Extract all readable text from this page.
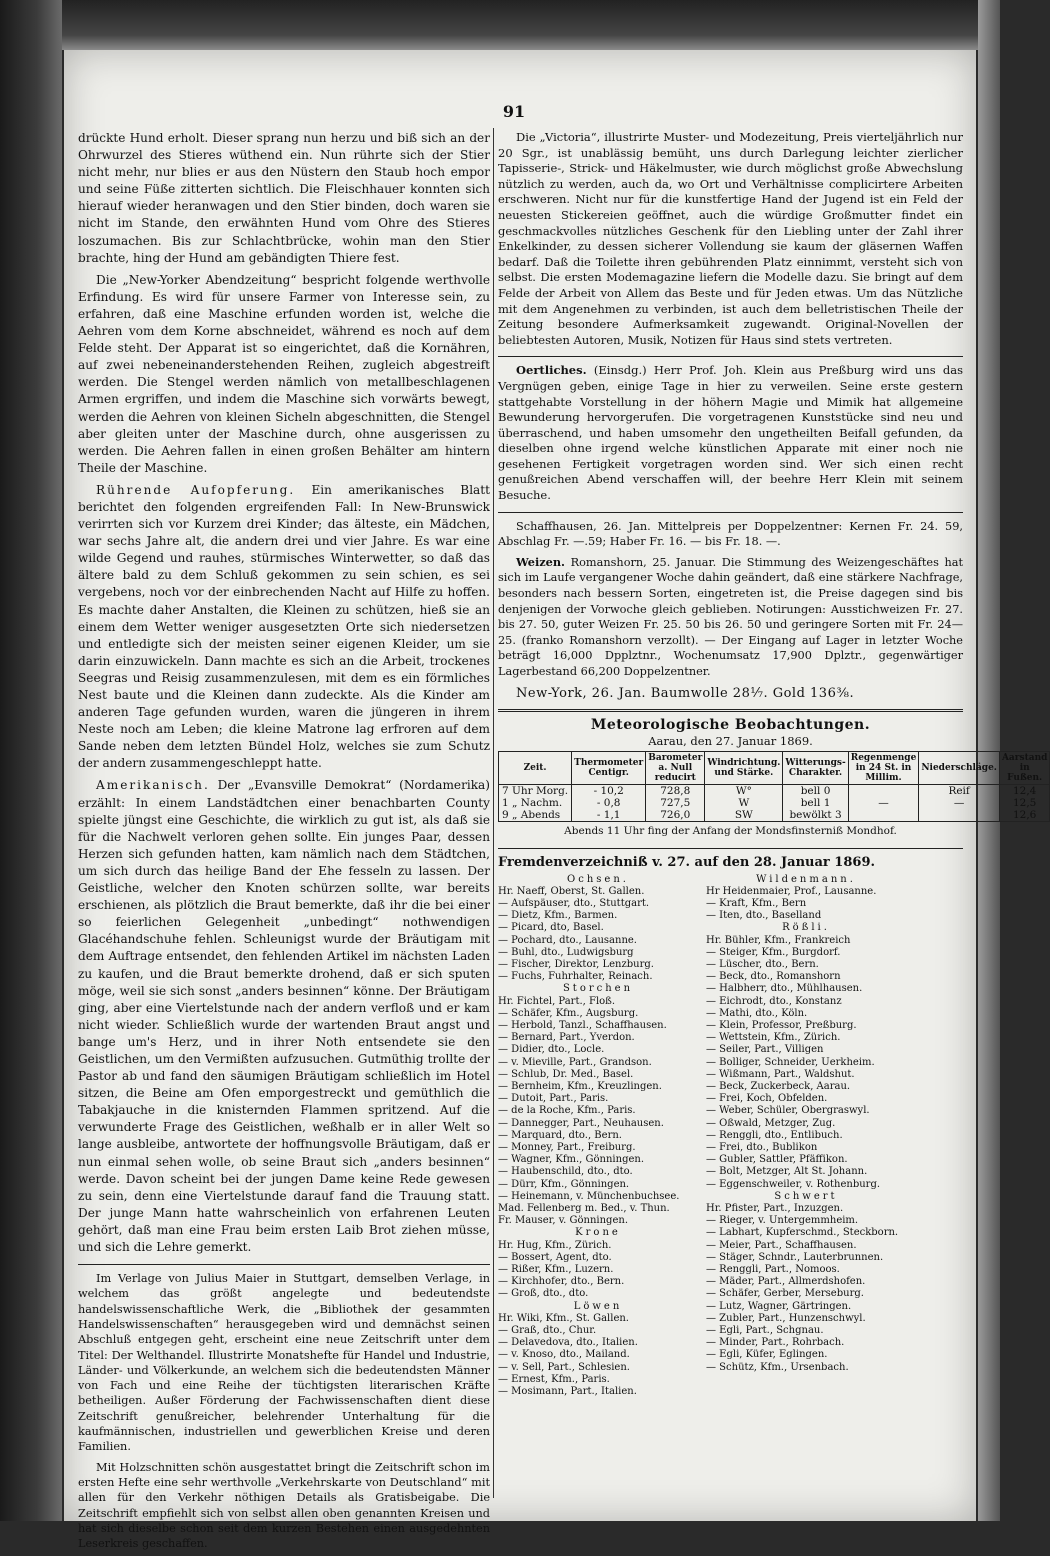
91

drückte Hund erholt. Dieser sprang nun herzu und biß sich an der Ohrwurzel des Stieres wüthend ein. Nun rührte sich der Stier nicht mehr, nur blies er aus den Nüstern den Staub hoch empor und seine Füße zitterten sichtlich. Die Fleischhauer konnten sich hierauf wieder heranwagen und den Stier binden, doch waren sie nicht im Stande, den erwähnten Hund vom Ohre des Stieres loszumachen. Bis zur Schlachtbrücke, wohin man den Stier brachte, hing der Hund am gebändigten Thiere fest.

Die „New-Yorker Abendzeitung“ bespricht folgende werthvolle Erfindung. Es wird für unsere Farmer von Interesse sein, zu erfahren, daß eine Maschine erfunden worden ist, welche die Aehren vom dem Korne abschneidet, während es noch auf dem Felde steht. Der Apparat ist so eingerichtet, daß die Kornähren, auf zwei nebeneinanderstehenden Reihen, zugleich abgestreift werden. Die Stengel werden nämlich von metallbeschlagenen Armen ergriffen, und indem die Maschine sich vorwärts bewegt, werden die Aehren von kleinen Sicheln abgeschnitten, die Stengel aber gleiten unter der Maschine durch, ohne ausgerissen zu werden. Die Aehren fallen in einen großen Behälter am hintern Theile der Maschine.

Rührende Aufopferung. Ein amerikanisches Blatt berichtet den folgenden ergreifenden Fall: In New-Brunswick verirrten sich vor Kurzem drei Kinder; das älteste, ein Mädchen, war sechs Jahre alt, die andern drei und vier Jahre. Es war eine wilde Gegend und rauhes, stürmisches Winterwetter, so daß das ältere bald zu dem Schluß gekommen zu sein schien, es sei vergebens, noch vor der einbrechenden Nacht auf Hilfe zu hoffen. Es machte daher Anstalten, die Kleinen zu schützen, hieß sie an einem dem Wetter weniger ausgesetzten Orte sich niedersetzen und entledigte sich der meisten seiner eigenen Kleider, um sie darin einzuwickeln. Dann machte es sich an die Arbeit, trockenes Seegras und Reisig zusammenzulesen, mit dem es ein förmliches Nest baute und die Kleinen dann zudeckte. Als die Kinder am anderen Tage gefunden wurden, waren die jüngeren in ihrem Neste noch am Leben; die kleine Matrone lag erfroren auf dem Sande neben dem letzten Bündel Holz, welches sie zum Schutz der andern zusammengeschleppt hatte.

Amerikanisch. Der „Evansville Demokrat“ (Nordamerika) erzählt: In einem Landstädtchen einer benachbarten County spielte jüngst eine Geschichte, die wirklich zu gut ist, als daß sie für die Nachwelt verloren gehen sollte. Ein junges Paar, dessen Herzen sich gefunden hatten, kam nämlich nach dem Städtchen, um sich durch das heilige Band der Ehe fesseln zu lassen. Der Geistliche, welcher den Knoten schürzen sollte, war bereits erschienen, als plötzlich die Braut bemerkte, daß ihr die bei einer so feierlichen Gelegenheit „unbedingt“ nothwendigen Glacéhandschuhe fehlen. Schleunigst wurde der Bräutigam mit dem Auftrage entsendet, den fehlenden Artikel im nächsten Laden zu kaufen, und die Braut bemerkte drohend, daß er sich sputen möge, weil sie sich sonst „anders besinnen“ könne. Der Bräutigam ging, aber eine Viertelstunde nach der andern verfloß und er kam nicht wieder. Schließlich wurde der wartenden Braut angst und bange um's Herz, und in ihrer Noth entsendete sie den Geistlichen, um den Vermißten aufzusuchen. Gutmüthig trollte der Pastor ab und fand den säumigen Bräutigam schließlich im Hotel sitzen, die Beine am Ofen emporgestreckt und gemüthlich die Tabakjauche in die knisternden Flammen spritzend. Auf die verwunderte Frage des Geistlichen, weßhalb er in aller Welt so lange ausbleibe, antwortete der hoffnungsvolle Bräutigam, daß er nun einmal sehen wolle, ob seine Braut sich „anders besinnen“ werde. Davon scheint bei der jungen Dame keine Rede gewesen zu sein, denn eine Viertelstunde darauf fand die Trauung statt. Der junge Mann hatte wahrscheinlich von erfahrenen Leuten gehört, daß man eine Frau beim ersten Laib Brot ziehen müsse, und sich die Lehre gemerkt.

Im Verlage von Julius Maier in Stuttgart, demselben Verlage, in welchem das größt angelegte und bedeutendste handelswissenschaftliche Werk, die „Bibliothek der gesammten Handelswissenschaften“ herausgegeben wird und demnächst seinen Abschluß entgegen geht, erscheint eine neue Zeitschrift unter dem Titel: Der Welthandel. Illustrirte Monatshefte für Handel und Industrie, Länder- und Völkerkunde, an welchem sich die bedeutendsten Männer von Fach und eine Reihe der tüchtigsten literarischen Kräfte betheiligen. Außer Förderung der Fachwissenschaften dient diese Zeitschrift genußreicher, belehrender Unterhaltung für die kaufmännischen, industriellen und gewerblichen Kreise und deren Familien.

Mit Holzschnitten schön ausgestattet bringt die Zeitschrift schon im ersten Hefte eine sehr werthvolle „Verkehrskarte von Deutschland“ mit allen für den Verkehr nöthigen Details als Gratisbeigabe. Die Zeitschrift empfiehlt sich von selbst allen oben genannten Kreisen und hat sich dieselbe schon seit dem kurzen Bestehen einen ausgedehnten Leserkreis geschaffen.

Die „Victoria“, illustrirte Muster- und Modezeitung, Preis vierteljährlich nur 20 Sgr., ist unablässig bemüht, uns durch Darlegung leichter zierlicher Tapisserie-, Strick- und Häkelmuster, wie durch möglichst große Abwechslung nützlich zu werden, auch da, wo Ort und Verhältnisse complicirtere Arbeiten erschweren. Nicht nur für die kunstfertige Hand der Jugend ist ein Feld der neuesten Stickereien geöffnet, auch die würdige Großmutter findet ein geschmackvolles nützliches Geschenk für den Liebling unter der Zahl ihrer Enkelkinder, zu dessen sicherer Vollendung sie kaum der gläsernen Waffen bedarf. Daß die Toilette ihren gebührenden Platz einnimmt, versteht sich von selbst. Die ersten Modemagazine liefern die Modelle dazu. Sie bringt auf dem Felde der Arbeit von Allem das Beste und für Jeden etwas. Um das Nützliche mit dem Angenehmen zu verbinden, ist auch dem belletristischen Theile der Zeitung besondere Aufmerksamkeit zugewandt. Original-Novellen der beliebtesten Autoren, Musik, Notizen für Haus sind stets vertreten.

Oertliches. (Einsdg.) Herr Prof. Joh. Klein aus Preßburg wird uns das Vergnügen geben, einige Tage in hier zu verweilen. Seine erste gestern stattgehabte Vorstellung in der höhern Magie und Mimik hat allgemeine Bewunderung hervorgerufen. Die vorgetragenen Kunststücke sind neu und überraschend, und haben umsomehr den ungetheilten Beifall gefunden, da dieselben ohne irgend welche künstlichen Apparate mit einer noch nie gesehenen Fertigkeit vorgetragen worden sind. Wer sich einen recht genußreichen Abend verschaffen will, der beehre Herr Klein mit seinem Besuche.

Schaffhausen, 26. Jan. Mittelpreis per Doppelzentner: Kernen Fr. 24. 59, Abschlag Fr. —.59; Haber Fr. 16. — bis Fr. 18. —.

Weizen. Romanshorn, 25. Januar. Die Stimmung des Weizengeschäftes hat sich im Laufe vergangener Woche dahin geändert, daß eine stärkere Nachfrage, besonders nach bessern Sorten, eingetreten ist, die Preise dagegen sind bis denjenigen der Vorwoche gleich geblieben. Notirungen: Ausstichweizen Fr. 27. bis 27. 50, guter Weizen Fr. 25. 50 bis 26. 50 und geringere Sorten mit Fr. 24—25. (franko Romanshorn verzollt). — Der Eingang auf Lager in letzter Woche beträgt 16,000 Dpplztnr., Wochenumsatz 17,900 Dplztr., gegenwärtiger Lagerbestand 66,200 Doppelzentner.

New-York, 26. Jan. Baumwolle 28⅐. Gold 136⅜.

Meteorologische Beobachtungen.
Aarau, den 27. Januar 1869.
Zeit.	Thermometer Centigr.	Barometer a. Null reducirt	Windrichtung. und Stärke.	Witterungs-Charakter.	Regenmenge in 24 St. in Millim.	Niederschläge.	Aarstand in Fußen.
7 Uhr Morg.	- 10,2	728,8	W°	bell 0		Reif	12,4
1 „ Nachm.	- 0,8	727,5	W	bell 1	—	—	12,5
9 „ Abends	- 1,1	726,0	SW	bewölkt 3			12,6
Abends 11 Uhr fing der Anfang der Mondsfinsterniß Mondhof.
Fremdenverzeichniß v. 27. auf den 28. Januar 1869.
Ochsen.
Hr. Naeff, Oberst, St. Gallen.
— Aufspäuser, dto., Stuttgart.
— Dietz, Kfm., Barmen.
— Picard, dto, Basel.
— Pochard, dto., Lausanne.
— Buhl, dto., Ludwigsburg
— Fischer, Direktor, Lenzburg.
— Fuchs, Fuhrhalter, Reinach.
Storchen
Hr. Fichtel, Part., Floß.
— Schäfer, Kfm., Augsburg.
— Herbold, Tanzl., Schaffhausen.
— Bernard, Part., Yverdon.
— Didier, dto., Locle.
— v. Mieville, Part., Grandson.
— Schlub, Dr. Med., Basel.
— Bernheim, Kfm., Kreuzlingen.
— Dutoit, Part., Paris.
— de la Roche, Kfm., Paris.
— Dannegger, Part., Neuhausen.
— Marquard, dto., Bern.
— Monney, Part., Freiburg.
— Wagner, Kfm., Gönningen.
— Haubenschild, dto., dto.
— Dürr, Kfm., Gönningen.
— Heinemann, v. Münchenbuchsee.
Mad. Fellenberg m. Bed., v. Thun.
Fr. Mauser, v. Gönningen.
Krone
Hr. Hug, Kfm., Zürich.
— Bossert, Agent, dto.
— Rißer, Kfm., Luzern.
— Kirchhofer, dto., Bern.
— Groß, dto., dto.
Löwen
Hr. Wiki, Kfm., St. Gallen.
— Graß, dto., Chur.
— Delavedova, dto., Italien.
— v. Knoso, dto., Mailand.
— v. Sell, Part., Schlesien.
— Ernest, Kfm., Paris.
— Mosimann, Part., Italien.
Wildenmann.
Hr Heidenmaier, Prof., Lausanne.
— Kraft, Kfm., Bern
— Iten, dto., Baselland
Rößli.
Hr. Bühler, Kfm., Frankreich
— Steiger, Kfm., Burgdorf.
— Lüscher, dto., Bern.
— Beck, dto., Romanshorn
— Halbherr, dto., Mühlhausen.
— Eichrodt, dto., Konstanz
— Mathi, dto., Köln.
— Klein, Professor, Preßburg.
— Wettstein, Kfm., Zürich.
— Seiler, Part., Villigen
— Bolliger, Schneider, Uerkheim.
— Wißmann, Part., Waldshut.
— Beck, Zuckerbeck, Aarau.
— Frei, Koch, Obfelden.
— Weber, Schüler, Obergraswyl.
— Oßwald, Metzger, Zug.
— Renggli, dto., Entlibuch.
— Frei, dto., Bublikon
— Gubler, Sattler, Pfäffikon.
— Bolt, Metzger, Alt St. Johann.
— Eggenschweiler, v. Rothenburg.
Schwert
Hr. Pfister, Part., Inzuzgen.
— Rieger, v. Untergemmheim.
— Labhart, Kupferschmd., Steckborn.
— Meier, Part., Schaffhausen.
— Stäger, Schndr., Lauterbrunnen.
— Renggli, Part., Nomoos.
— Mäder, Part., Allmerdshofen.
— Schäfer, Gerber, Merseburg.
— Lutz, Wagner, Gärtringen.
— Zubler, Part., Hunzenschwyl.
— Egli, Part., Schgnau.
— Minder, Part., Rohrbach.
— Egli, Küfer, Eglingen.
— Schütz, Kfm., Ursenbach.
